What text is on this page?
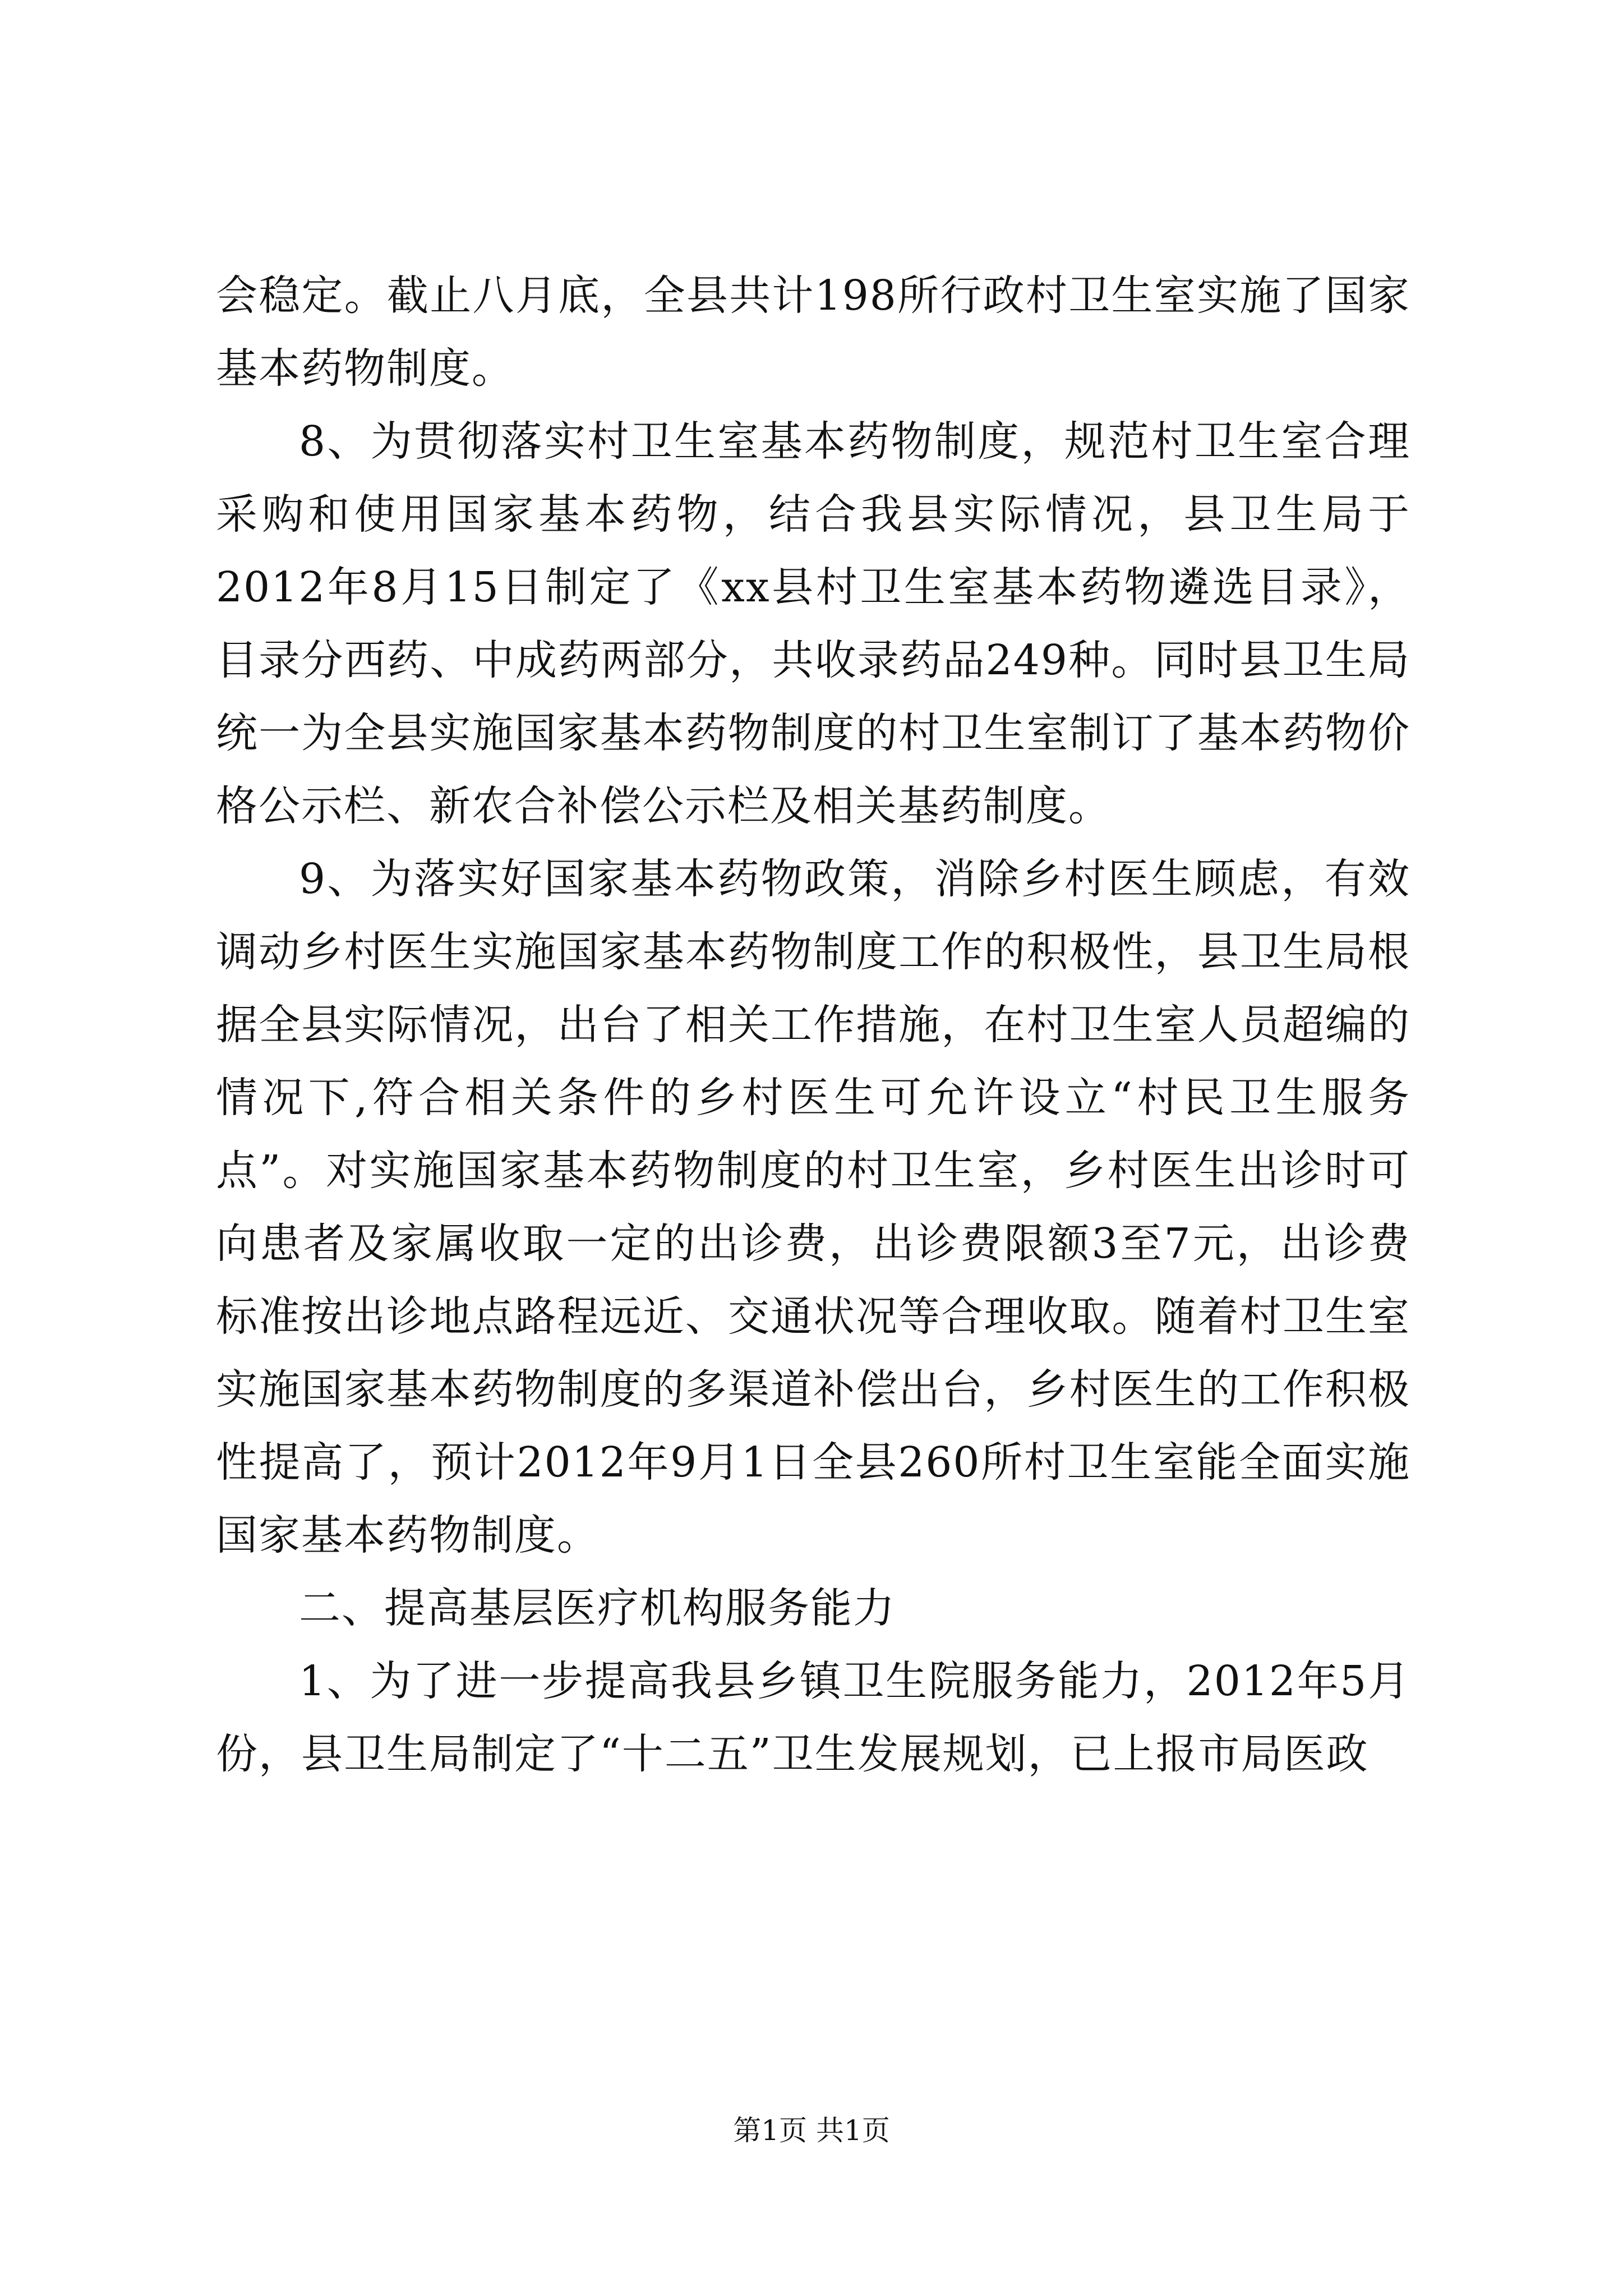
会稳定。截止八月底，全县共计198所行政村卫生室实施了国家基本药物制度。

8、为贯彻落实村卫生室基本药物制度，规范村卫生室合理采购和使用国家基本药物，结合我县实际情况，县卫生局于2012年8月15日制定了《xx县村卫生室基本药物遴选目录》，目录分西药、中成药两部分，共收录药品249种。同时县卫生局统一为全县实施国家基本药物制度的村卫生室制订了基本药物价格公示栏、新农合补偿公示栏及相关基药制度。

9、为落实好国家基本药物政策，消除乡村医生顾虑，有效调动乡村医生实施国家基本药物制度工作的积极性，县卫生局根据全县实际情况，出台了相关工作措施，在村卫生室人员超编的情况下,符合相关条件的乡村医生可允许设立“村民卫生服务点”。对实施国家基本药物制度的村卫生室，乡村医生出诊时可向患者及家属收取一定的出诊费，出诊费限额3至7元，出诊费标准按出诊地点路程远近、交通状况等合理收取。随着村卫生室实施国家基本药物制度的多渠道补偿出台，乡村医生的工作积极性提高了，预计2012年9月1日全县260所村卫生室能全面实施国家基本药物制度。

二、提高基层医疗机构服务能力

1、为了进一步提高我县乡镇卫生院服务能力，2012年5月份，县卫生局制定了“十二五”卫生发展规划，已上报市局医政

第1页 共1页
